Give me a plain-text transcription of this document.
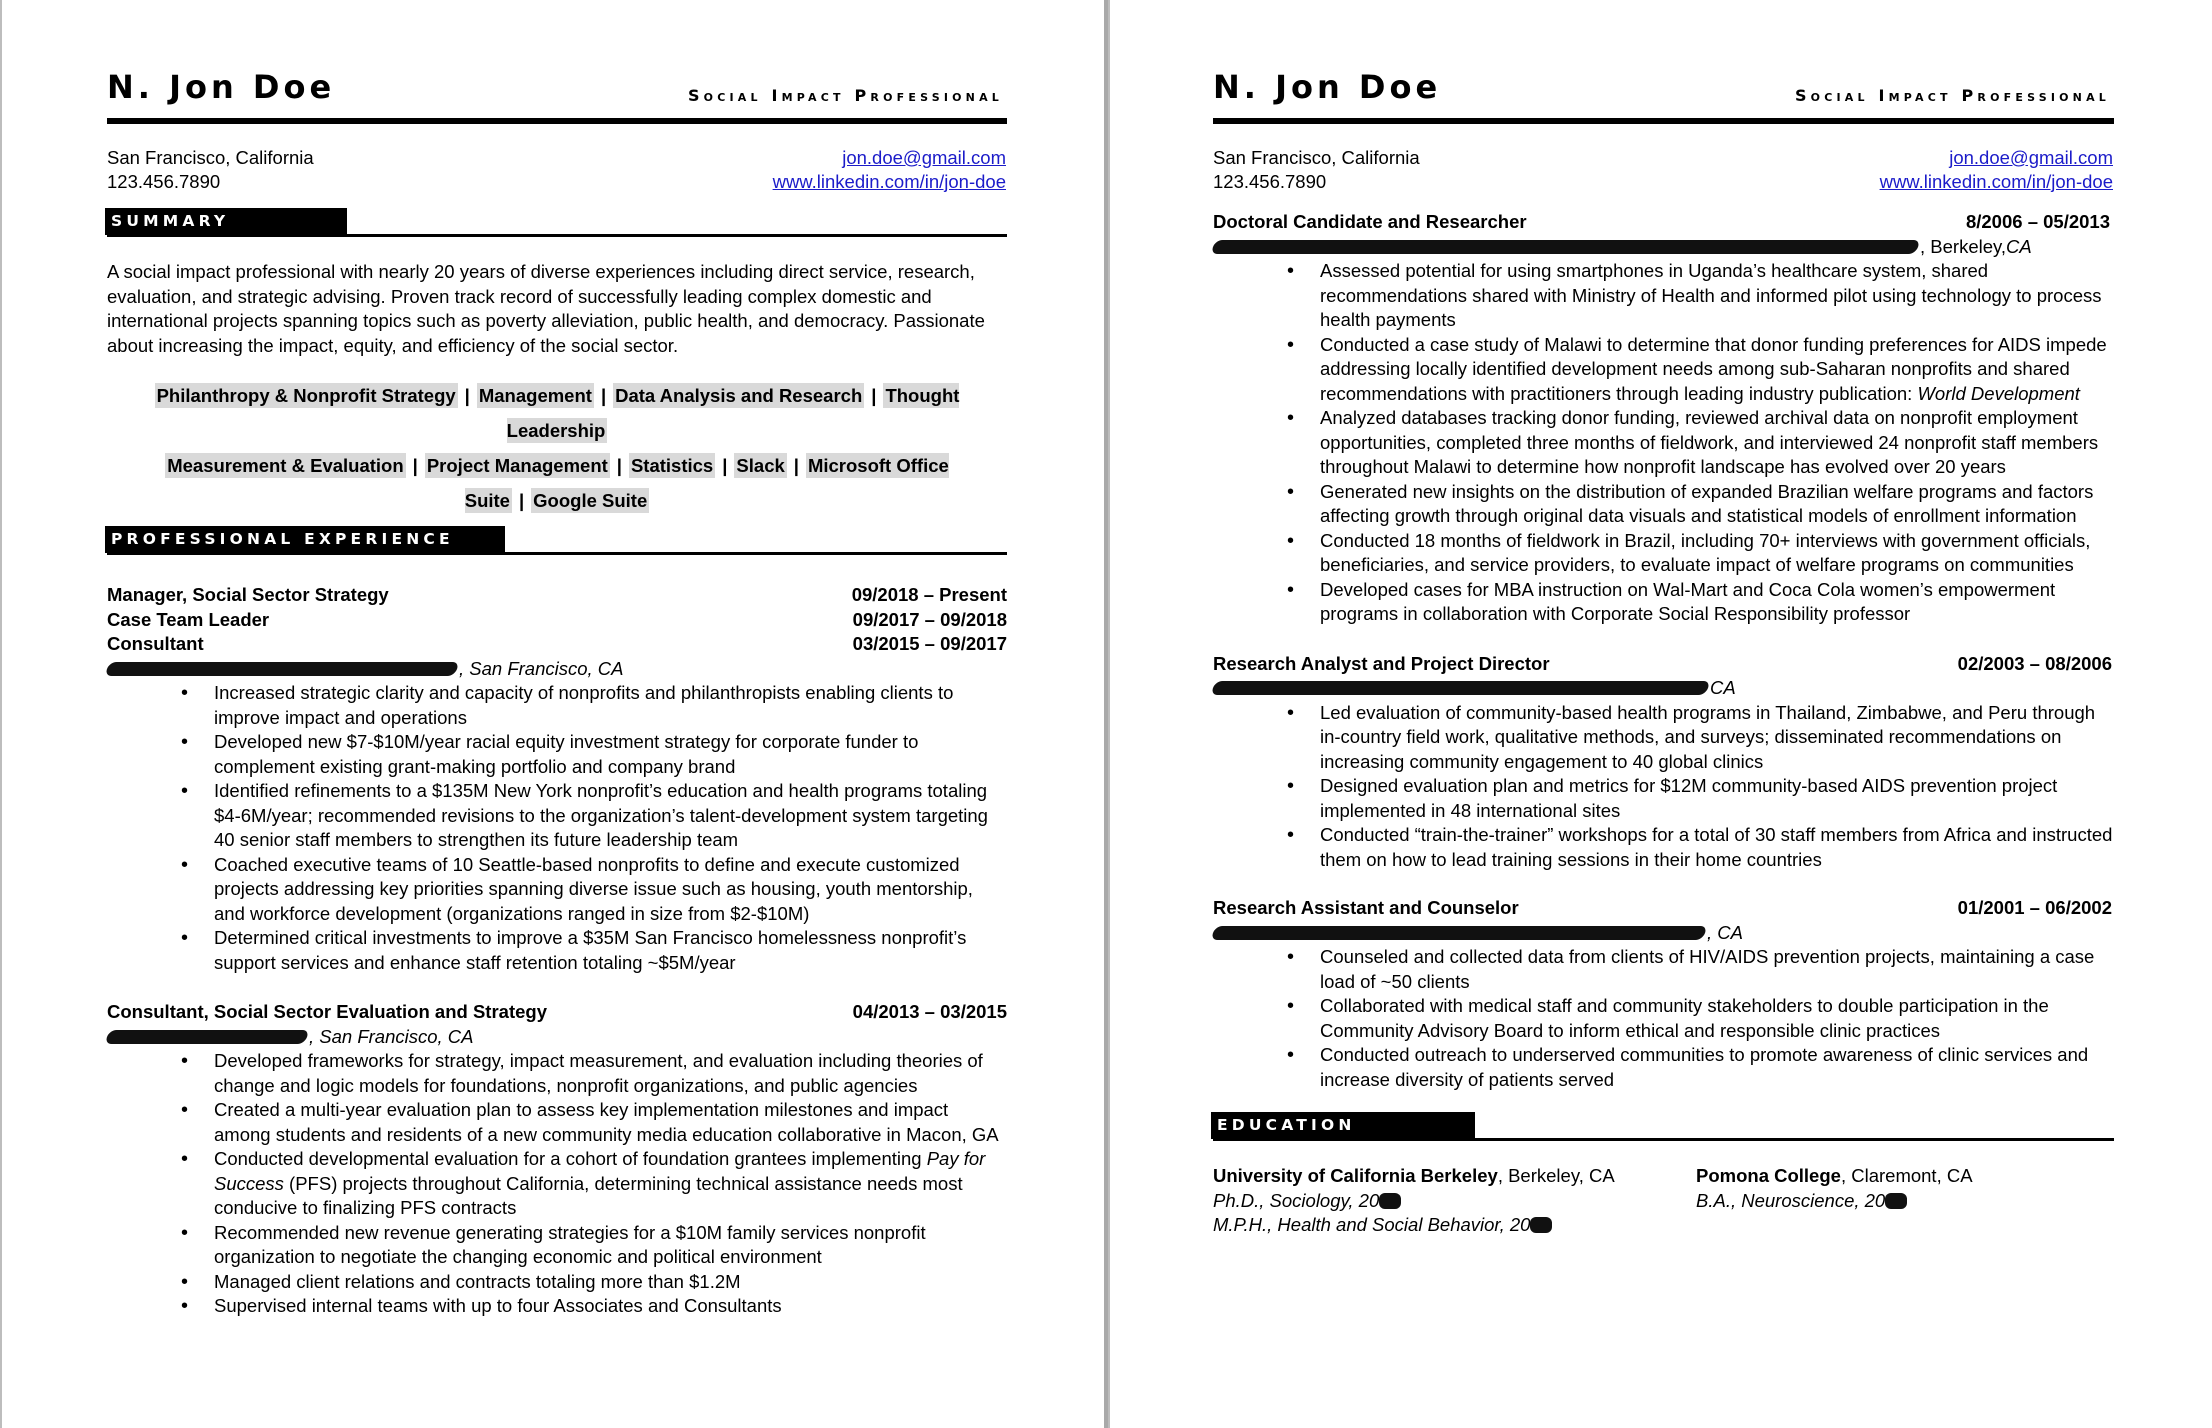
N. Jon Doe	Social Impact Professional
San Francisco, California
123.456.7890
jon.doe@gmail.com
www.linkedin.com/in/jon-doe
SUMMARY

A social impact professional with nearly 20 years of diverse experiences including direct service, research, evaluation, and strategic advising. Proven track record of successfully leading complex domestic and international projects spanning topics such as poverty alleviation, public health, and democracy. Passionate about increasing the impact, equity, and efficiency of the social sector.

Philanthropy & Nonprofit Strategy | Management | Data Analysis and Research | Thought Leadership
Measurement & Evaluation | Project Management | Statistics | Slack | Microsoft Office Suite | Google Suite
PROFESSIONAL EXPERIENCE
Manager, Social Sector Strategy	09/2018 – Present
Case Team Leader	09/2017 – 09/2018
Consultant	03/2015 – 09/2017
, San Francisco, CA
• Increased strategic clarity and capacity of nonprofits and philanthropists enabling clients to improve impact and operations
• Developed new $7-$10M/year racial equity investment strategy for corporate funder to complement existing grant-making portfolio and company brand
• Identified refinements to a $135M New York nonprofit’s education and health programs totaling $4-6M/year; recommended revisions to the organization’s talent-development system targeting 40 senior staff members to strengthen its future leadership team
• Coached executive teams of 10 Seattle-based nonprofits to define and execute customized projects addressing key priorities spanning diverse issue such as housing, youth mentorship, and workforce development (organizations ranged in size from $2-$10M)
• Determined critical investments to improve a $35M San Francisco homelessness nonprofit’s support services and enhance staff retention totaling ~$5M/year
Consultant, Social Sector Evaluation and Strategy	04/2013 – 03/2015
, San Francisco, CA
• Developed frameworks for strategy, impact measurement, and evaluation including theories of change and logic models for foundations, nonprofit organizations, and public agencies
• Created a multi-year evaluation plan to assess key implementation milestones and impact among students and residents of a new community media education collaborative in Macon, GA
• Conducted developmental evaluation for a cohort of foundation grantees implementing Pay for Success (PFS) projects throughout California, determining technical assistance needs most conducive to finalizing PFS contracts
• Recommended new revenue generating strategies for a $10M family services nonprofit organization to negotiate the changing economic and political environment
• Managed client relations and contracts totaling more than $1.2M
• Supervised internal teams with up to four Associates and Consultants
N. Jon Doe	Social Impact Professional
San Francisco, California
123.456.7890
jon.doe@gmail.com
www.linkedin.com/in/jon-doe
Doctoral Candidate and Researcher	8/2006 – 05/2013
, Berkeley, CA
• Assessed potential for using smartphones in Uganda’s healthcare system, shared recommendations shared with Ministry of Health and informed pilot using technology to process health payments
• Conducted a case study of Malawi to determine that donor funding preferences for AIDS impede addressing locally identified development needs among sub-Saharan nonprofits and shared recommendations with practitioners through leading industry publication: World Development
• Analyzed databases tracking donor funding, reviewed archival data on nonprofit employment opportunities, completed three months of fieldwork, and interviewed 24 nonprofit staff members throughout Malawi to determine how nonprofit landscape has evolved over 20 years
• Generated new insights on the distribution of expanded Brazilian welfare programs and factors affecting growth through original data visuals and statistical models of enrollment information
• Conducted 18 months of fieldwork in Brazil, including 70+ interviews with government officials, beneficiaries, and service providers, to evaluate impact of welfare programs on communities
• Developed cases for MBA instruction on Wal-Mart and Coca Cola women’s empowerment programs in collaboration with Corporate Social Responsibility professor
Research Analyst and Project Director	02/2003 – 08/2006
CA
• Led evaluation of community-based health programs in Thailand, Zimbabwe, and Peru through in-country field work, qualitative methods, and surveys; disseminated recommendations on increasing community engagement to 40 global clinics
• Designed evaluation plan and metrics for $12M community-based AIDS prevention project implemented in 48 international sites
• Conducted “train-the-trainer” workshops for a total of 30 staff members from Africa and instructed them on how to lead training sessions in their home countries
Research Assistant and Counselor	01/2001 – 06/2002
, CA
• Counseled and collected data from clients of HIV/AIDS prevention projects, maintaining a case load of ~50 clients
• Collaborated with medical staff and community stakeholders to double participation in the Community Advisory Board to inform ethical and responsible clinic practices
• Conducted outreach to underserved communities to promote awareness of clinic services and increase diversity of patients served
EDUCATION
University of California Berkeley, Berkeley, CA
Ph.D., Sociology, 20
M.P.H., Health and Social Behavior, 20
Pomona College, Claremont, CA
B.A., Neuroscience, 20
